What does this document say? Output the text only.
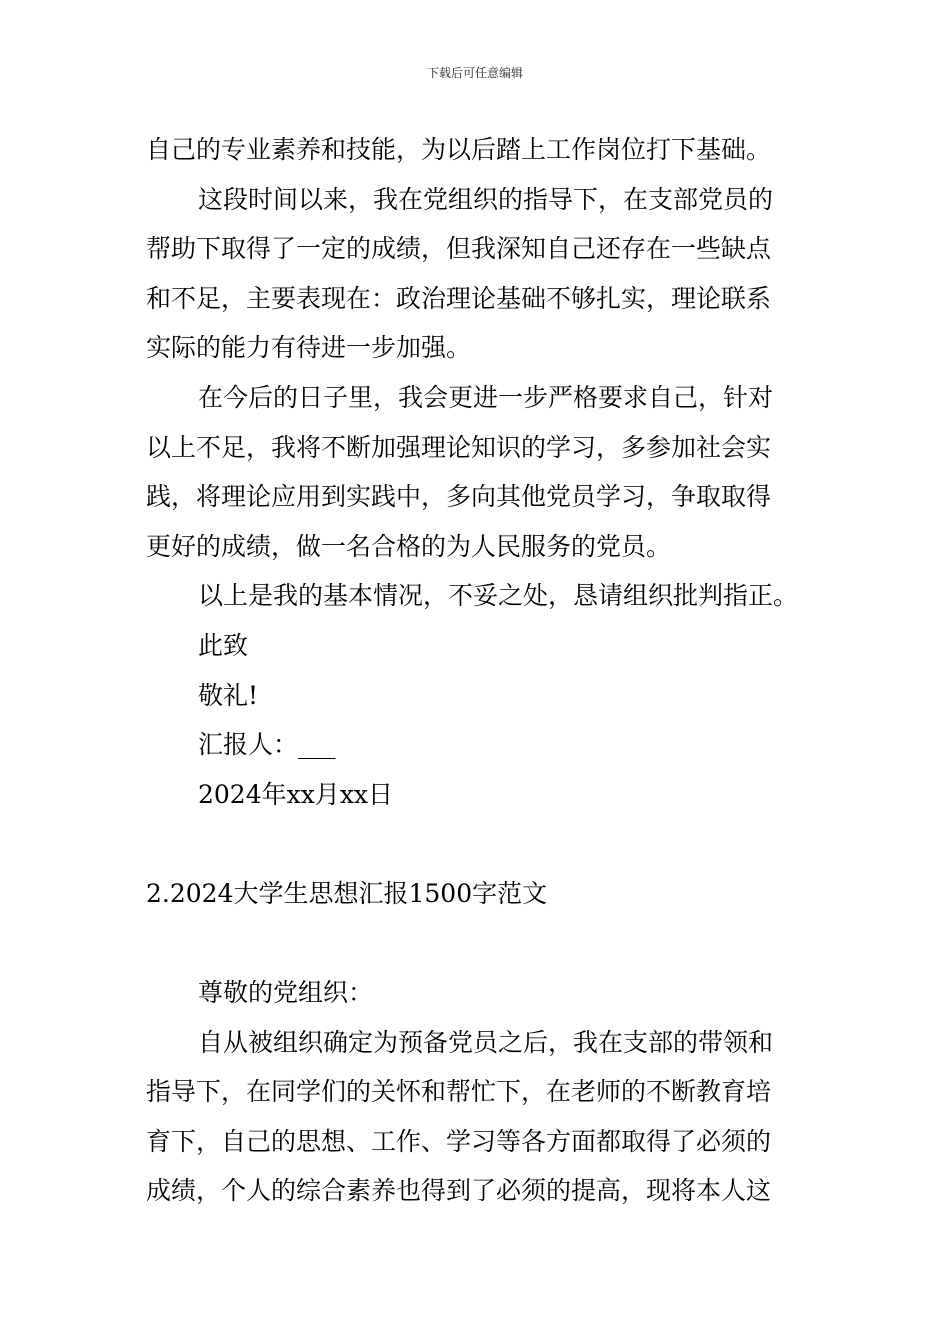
下载后可任意编辑
自己的专业素养和技能，为以后踏上工作岗位打下基础。
这段时间以来，我在党组织的指导下，在支部党员的
帮助下取得了一定的成绩，但我深知自己还存在一些缺点
和不足，主要表现在：政治理论基础不够扎实，理论联系
实际的能力有待进一步加强。
在今后的日子里，我会更进一步严格要求自己，针对
以上不足，我将不断加强理论知识的学习，多参加社会实
践，将理论应用到实践中，多向其他党员学习，争取取得
更好的成绩，做一名合格的为人民服务的党员。
以上是我的基本情况，不妥之处，恳请组织批判指正。
此致
敬礼!
汇报人：___
2024年xx月xx日
2.2024大学生思想汇报1500字范文
尊敬的党组织：
自从被组织确定为预备党员之后，我在支部的带领和
指导下，在同学们的关怀和帮忙下，在老师的不断教育培
育下，自己的思想、工作、学习等各方面都取得了必须的
成绩，个人的综合素养也得到了必须的提高，现将本人这
